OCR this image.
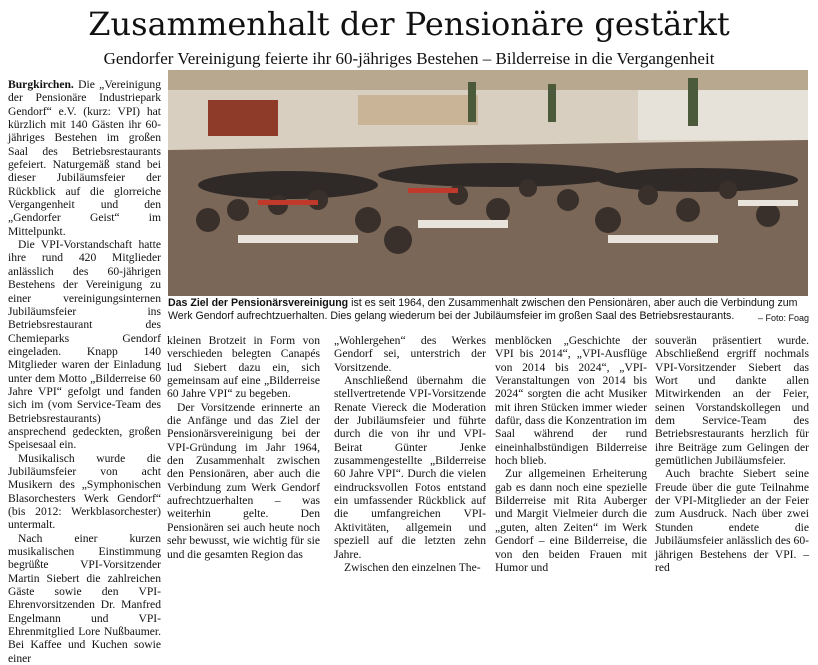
Zusammenhalt der Pensionäre gestärkt
Gendorfer Vereinigung feierte ihr 60-jähriges Bestehen – Bilderreise in die Vergangenheit

Burgkirchen. Die „Vereinigung der Pensionäre Industriepark Gendorf“ e.V. (kurz: VPI) hat kürzlich mit 140 Gästen ihr 60-jähriges Bestehen im großen Saal des Betriebsrestaurants gefeiert. Naturgemäß stand bei dieser Jubiläumsfeier der Rückblick auf die glorreiche Vergangenheit und den „Gendorfer Geist“ im Mittelpunkt.

Die VPI-Vorstandschaft hatte ihre rund 420 Mitglieder anlässlich des 60-jährigen Bestehens der Vereinigung zu einer vereinigungsinternen Jubiläumsfeier ins Betriebsrestaurant des Chemieparks Gendorf eingeladen. Knapp 140 Mitglieder waren der Einladung unter dem Motto „Bilderreise 60 Jahre VPI“ gefolgt und fanden sich im (vom Service-Team des Betriebsrestaurants) ansprechend gedeckten, großen Speisesaal ein.

Musikalisch wurde die Jubiläumsfeier von acht Musikern des „Symphonischen Blasorchesters Werk Gendorf“ (bis 2012: Werkblasorchester) untermalt.

Nach einer kurzen musikalischen Einstimmung begrüßte VPI-Vorsitzender Martin Siebert die zahlreichen Gäste sowie den VPI-Ehrenvorsitzenden Dr. Manfred Engelmann und VPI-Ehrenmitglied Lore Nußbaumer. Bei Kaffee und Kuchen sowie einer

Das Ziel der Pensionärsvereinigung ist es seit 1964, den Zusammenhalt zwischen den Pensionären, aber auch die Verbindung zum Werk Gendorf aufrechtzuerhalten. Dies gelang wiederum bei der Jubiläumsfeier im großen Saal des Betriebsrestaurants.	– Foto: Foag

kleinen Brotzeit in Form von verschieden belegten Canapés lud Siebert dazu ein, sich gemeinsam auf eine „Bilderreise 60 Jahre VPI“ zu begeben.

Der Vorsitzende erinnerte an die Anfänge und das Ziel der Pensionärsvereinigung bei der VPI-Gründung im Jahr 1964, den Zusammenhalt zwischen den Pensionären, aber auch die Verbindung zum Werk Gendorf aufrechtzuerhalten – was weiterhin gelte. Den Pensionären sei auch heute noch sehr bewusst, wie wichtig für sie und die gesamten Region das

„Wohlergehen“ des Werkes Gendorf sei, unterstrich der Vorsitzende.

Anschließend übernahm die stellvertretende VPI-Vorsitzende Renate Viereck die Moderation der Jubiläumsfeier und führte durch die von ihr und VPI-Beirat Günter Jenke zusammengestellte „Bilderreise 60 Jahre VPI“. Durch die vielen eindrucksvollen Fotos entstand ein umfassender Rückblick auf die umfangreichen VPI-Aktivitäten, allgemein und speziell auf die letzten zehn Jahre.

Zwischen den einzelnen The-

menblöcken „Geschichte der VPI bis 2014“, „VPI-Ausflüge von 2014 bis 2024“, „VPI-Veranstaltungen von 2014 bis 2024“ sorgten die acht Musiker mit ihren Stücken immer wieder dafür, dass die Konzentration im Saal während der rund eineinhalbstündigen Bilderreise hoch blieb.

Zur allgemeinen Erheiterung gab es dann noch eine spezielle Bilderreise mit Rita Auberger und Margit Vielmeier durch die „guten, alten Zeiten“ im Werk Gendorf – eine Bilderreise, die von den beiden Frauen mit Humor und

souverän präsentiert wurde. Abschließend ergriff nochmals VPI-Vorsitzender Siebert das Wort und dankte allen Mitwirkenden an der Feier, seinen Vorstandskollegen und dem Service-Team des Betriebsrestaurants herzlich für ihre Beiträge zum Gelingen der gemütlichen Jubiläumsfeier.

Auch brachte Siebert seine Freude über die gute Teilnahme der VPI-Mitglieder an der Feier zum Ausdruck. Nach über zwei Stunden endete die Jubiläumsfeier anlässlich des 60-jährigen Bestehens der VPI. – red
